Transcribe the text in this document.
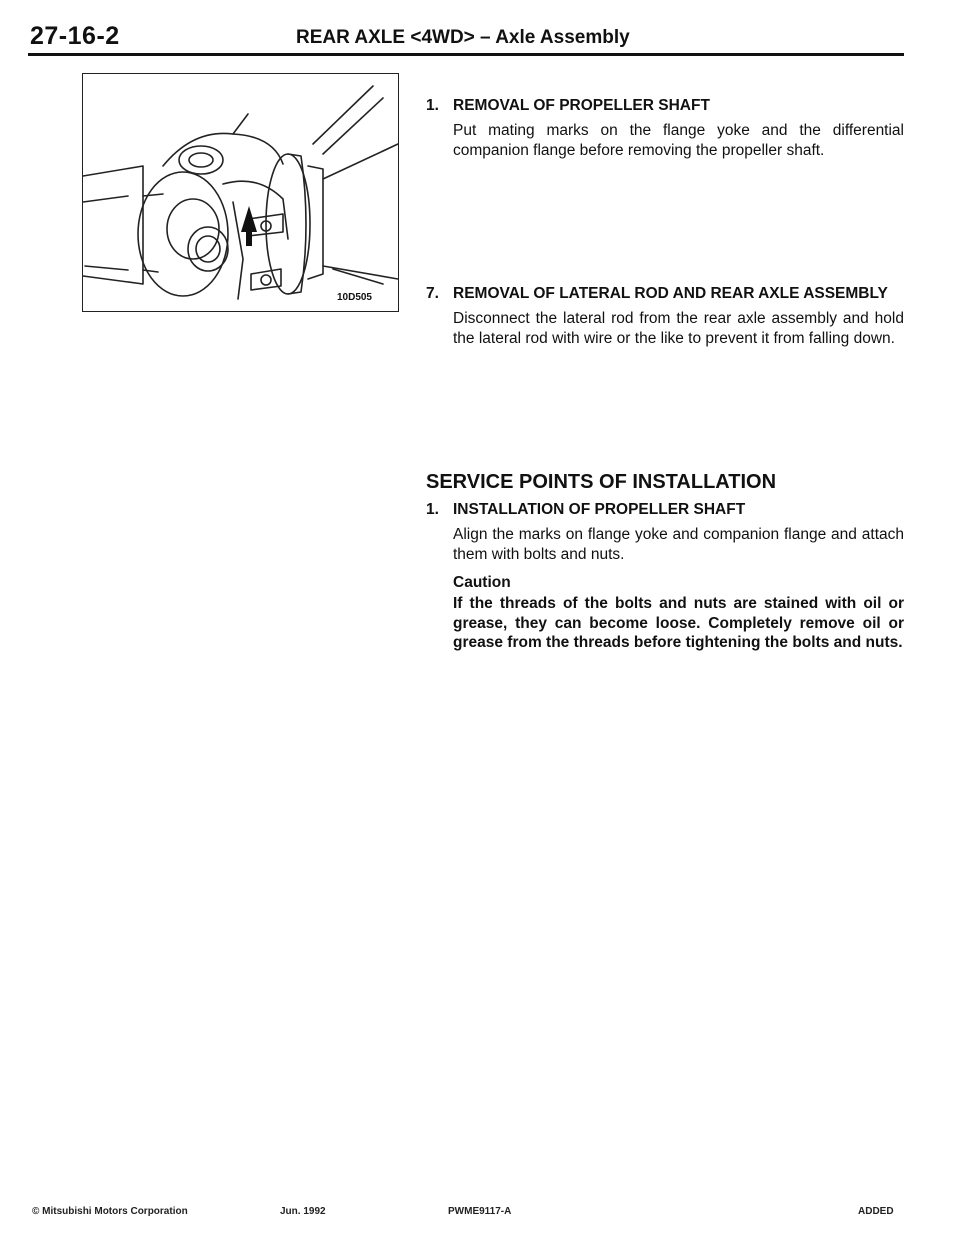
27-16-2	REAR AXLE <4WD> – Axle Assembly
10D505
1. REMOVAL OF PROPELLER SHAFT
Put mating marks on the flange yoke and the differential companion flange before removing the propeller shaft.
7. REMOVAL OF LATERAL ROD AND REAR AXLE ASSEMBLY
Disconnect the lateral rod from the rear axle assembly and hold the lateral rod with wire or the like to prevent it from falling down.
SERVICE POINTS OF INSTALLATION
1. INSTALLATION OF PROPELLER SHAFT
Align the marks on flange yoke and companion flange and attach them with bolts and nuts.
Caution
If the threads of the bolts and nuts are stained with oil or grease, they can become loose. Completely remove oil or grease from the threads before tightening the bolts and nuts.
© Mitsubishi Motors Corporation	Jun. 1992	PWME9117-A	ADDED
